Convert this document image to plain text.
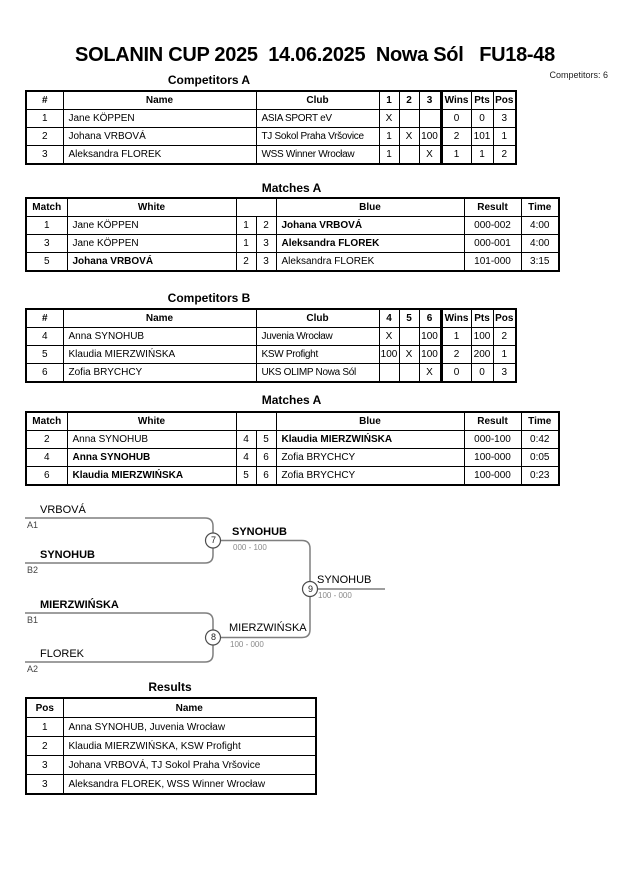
SOLANIN CUP 2025  14.06.2025  Nowa Sól   FU18-48
Competitors: 6
Competitors A
#	Name	Club	1	2	3	Wins	Pts	Pos
1	Jane KÖPPEN	ASIA SPORT eV	X			0	0	3
2	Johana VRBOVÁ	TJ Sokol Praha Vršovice	1	X	100	2	101	1
3	Aleksandra FLOREK	WSS Winner Wrocław	1		X	1	1	2
Matches A
Match	White			Blue	Result	Time
1	Jane KÖPPEN	1	2	Johana VRBOVÁ	000-002	4:00
3	Jane KÖPPEN	1	3	Aleksandra FLOREK	000-001	4:00
5	Johana VRBOVÁ	2	3	Aleksandra FLOREK	101-000	3:15
Competitors B
#	Name	Club	4	5	6	Wins	Pts	Pos
4	Anna SYNOHUB	Juvenia Wrocław	X		100	1	100	2
5	Klaudia MIERZWIŃSKA	KSW Profight	100	X	100	2	200	1
6	Zofia BRYCHCY	UKS OLIMP Nowa Sól			X	0	0	3
Matches A
Match	White			Blue	Result	Time
2	Anna SYNOHUB	4	5	Klaudia MIERZWIŃSKA	000-100	0:42
4	Anna SYNOHUB	4	6	Zofia BRYCHCY	100-000	0:05
6	Klaudia MIERZWIŃSKA	5	6	Zofia BRYCHCY	100-000	0:23
VRBOVÁ
A1
SYNOHUB
B2
SYNOHUB
000 - 100
MIERZWIŃSKA
B1
FLOREK
A2
MIERZWIŃSKA
100 - 000
SYNOHUB
100 - 000
7
8
9
Results
Pos	Name
1	Anna SYNOHUB, Juvenia Wrocław
2	Klaudia MIERZWIŃSKA, KSW Profight
3	Johana VRBOVÁ, TJ Sokol Praha Vršovice
3	Aleksandra FLOREK, WSS Winner Wrocław
